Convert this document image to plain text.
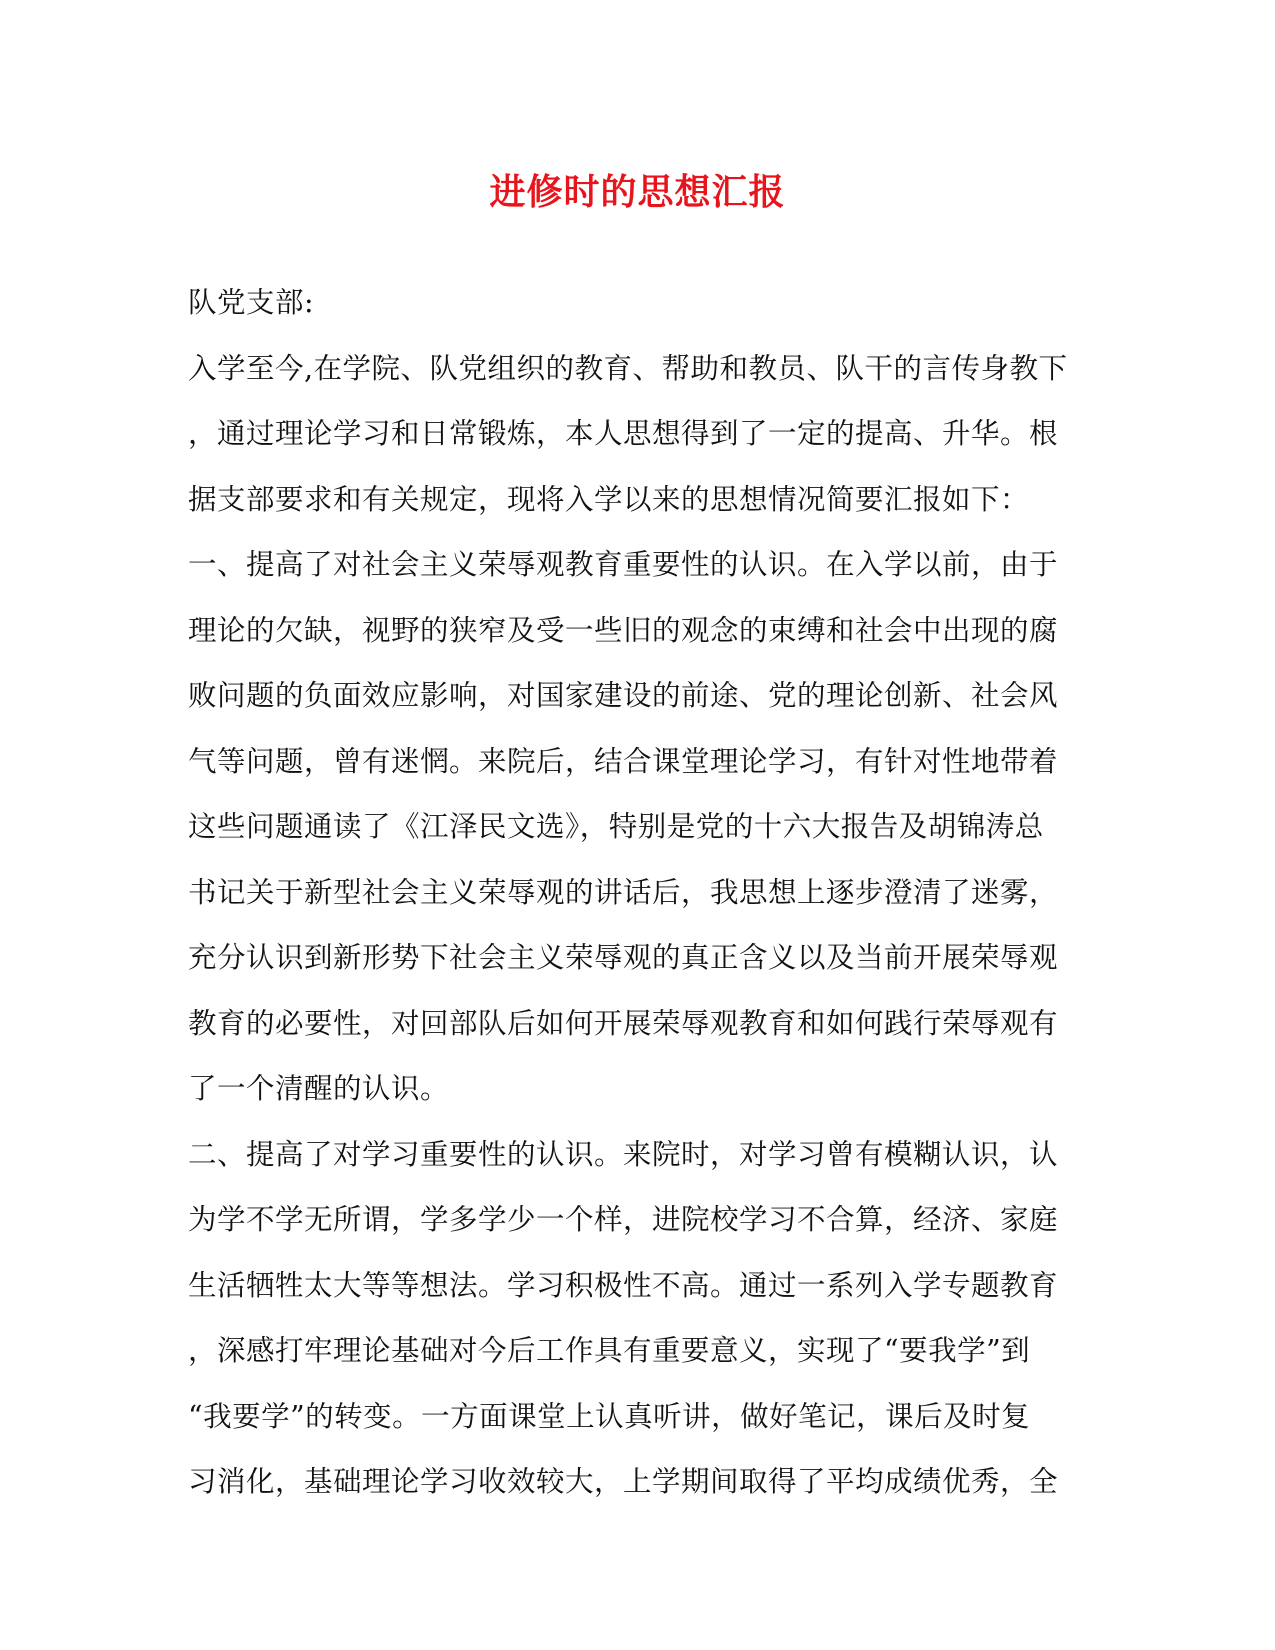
进修时的思想汇报
队党支部:
入学至今,在学院、队党组织的教育、帮助和教员、队干的言传身教下
，通过理论学习和日常锻炼，本人思想得到了一定的提高、升华。根
据支部要求和有关规定，现将入学以来的思想情况简要汇报如下：
一、提高了对社会主义荣辱观教育重要性的认识。在入学以前，由于
理论的欠缺，视野的狭窄及受一些旧的观念的束缚和社会中出现的腐
败问题的负面效应影响，对国家建设的前途、党的理论创新、社会风
气等问题，曾有迷惘。来院后，结合课堂理论学习，有针对性地带着
这些问题通读了《江泽民文选》，特别是党的十六大报告及胡锦涛总
书记关于新型社会主义荣辱观的讲话后，我思想上逐步澄清了迷雾，
充分认识到新形势下社会主义荣辱观的真正含义以及当前开展荣辱观
教育的必要性，对回部队后如何开展荣辱观教育和如何践行荣辱观有
了一个清醒的认识。
二、提高了对学习重要性的认识。来院时，对学习曾有模糊认识，认
为学不学无所谓，学多学少一个样，进院校学习不合算，经济、家庭
生活牺牲太大等等想法。学习积极性不高。通过一系列入学专题教育
，深感打牢理论基础对今后工作具有重要意义，实现了“要我学”到
“我要学”的转变。一方面课堂上认真听讲，做好笔记，课后及时复
习消化，基础理论学习收效较大，上学期间取得了平均成绩优秀，全
